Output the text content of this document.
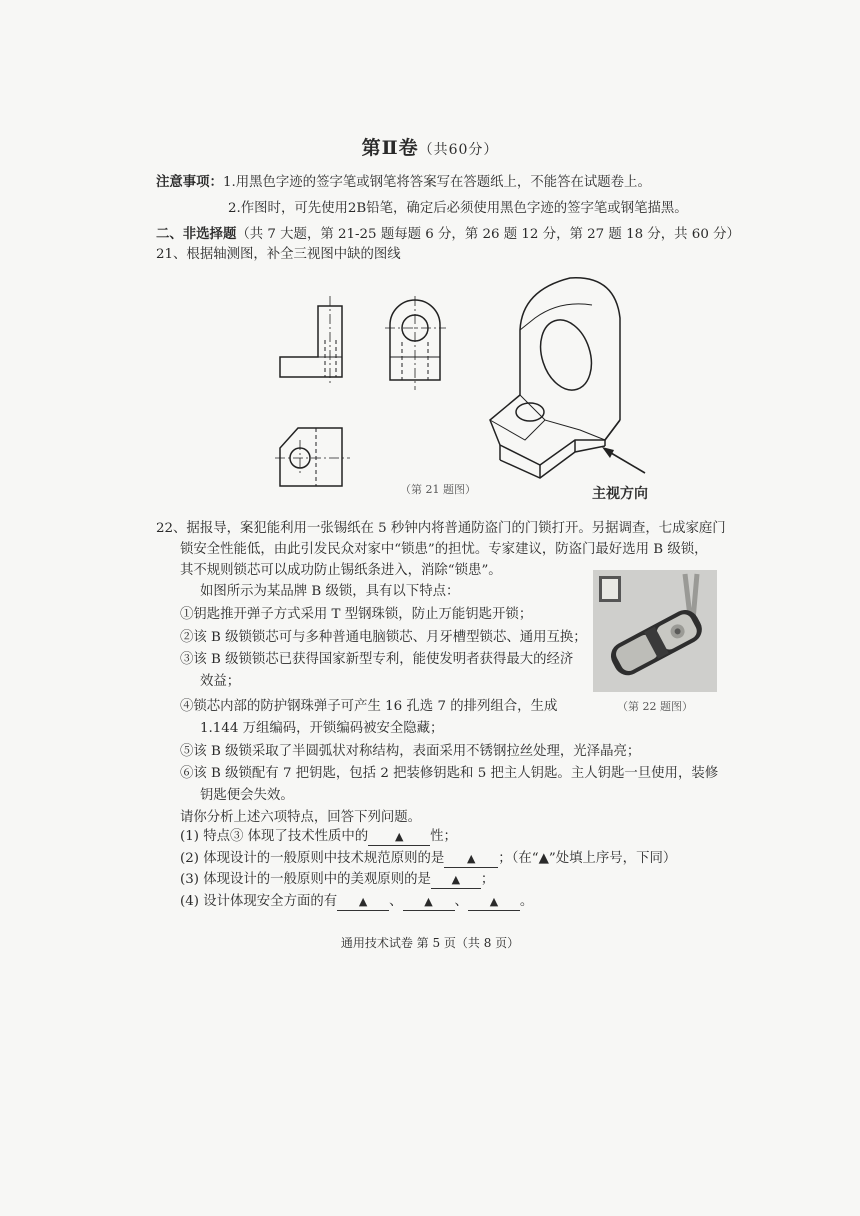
第Ⅱ卷（共60分）
注意事项：1.用黑色字迹的签字笔或钢笔将答案写在答题纸上，不能答在试题卷上。
2.作图时，可先使用2B铅笔，确定后必须使用黑色字迹的签字笔或钢笔描黑。
二、非选择题（共 7 大题，第 21-25 题每题 6 分，第 26 题 12 分，第 27 题 18 分，共 60 分）
21、根据轴测图，补全三视图中缺的图线
（第 21 题图）	主视方向
22、据报导，案犯能利用一张锡纸在 5 秒钟内将普通防盗门的门锁打开。另据调查，七成家庭门
锁安全性能低，由此引发民众对家中“锁患”的担忧。专家建议，防盗门最好选用 B 级锁，
其不规则锁芯可以成功防止锡纸条进入，消除“锁患”。
如图所示为某品牌 B 级锁，具有以下特点：
①钥匙推开弹子方式采用 T 型钢珠锁，防止万能钥匙开锁；
②该 B 级锁锁芯可与多种普通电脑锁芯、月牙槽型锁芯、通用互换；
③该 B 级锁锁芯已获得国家新型专利，能使发明者获得最大的经济
效益；
④锁芯内部的防护钢珠弹子可产生 16 孔选 7 的排列组合，生成
1.144 万组编码，开锁编码被安全隐藏；
⑤该 B 级锁采取了半圆弧状对称结构，表面采用不锈钢拉丝处理，光泽晶亮；
⑥该 B 级锁配有 7 把钥匙，包括 2 把装修钥匙和 5 把主人钥匙。主人钥匙一旦使用，装修
钥匙便会失效。
请你分析上述六项特点，回答下列问题。
（第 22 题图）
(1) 特点③ 体现了技术性质中的 ▲ 性；
(2) 体现设计的一般原则中技术规范原则的是 ▲ ；（在“▲”处填上序号，下同）
(3) 体现设计的一般原则中的美观原则的是 ▲ ；
(4) 设计体现安全方面的有 ▲ 、 ▲ 、 ▲ 。
通用技术试卷 第 5 页（共 8 页）
